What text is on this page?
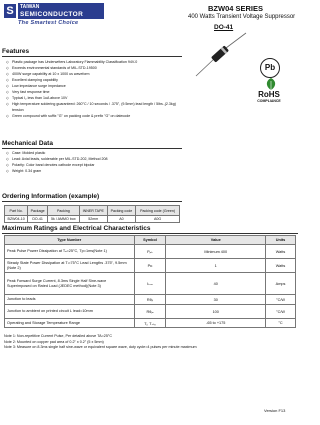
S	TAIWAN
SEMICONDUCTOR
The Smartest Choice
BZW04 SERIES
400 Watts Transient Voltage Suppressor
DO-41
Pb
RoHS
COMPLIANCE
Features
◇ Plastic package has Underwriters Laboratory Flammability Classification 94V-0
◇ Exceeds environmental standards of MIL-STD-19500
◇ 400W surge capability at 10 x 1000 us waveform
◇ Excellent clamping capability
◇ Low impedance surge impedance
◇ Very fast response time
◇ Typical I₂ less than 1uA above 10V
◇ High temperature soldering guaranteed: 260°C / 10 seconds / .375", (9.5mm) lead length / 5lbs.,(2.3kg) tension
◇ Green compound with suffix "G" on packing code & prefix "G" on datecode
Mechanical Data
◇ Case: Molded plastic
◇ Lead: Axial leads, solderable per MIL-STD-202, Method 208
◇ Polarity: Color band denotes cathode except bipolar
◇ Weight: 0.34 gram
Ordering Information (example)
Part No.	Package	Packing	INNER TAPE	Packing code	Packing code (Green)
BZW04-10	DO-41	5k / AMMO box	52mm	A0	A0G
Maximum Ratings and Electrical Characteristics
Type Number	Symbol	Value	Units
Peak Pulse Power Dissipation at Tₐ=25°C, Tp=1ms(Note 1)	Pₚₖ	Minimum 400	Watts
Steady State Power Dissipation at Tₗ=75°C Lead Lengths .375", 9.5mm (Note 2)	Pᴅ	1	Watts
Peak Forward Surge Current, 8.3ms Single Half Sine-wave Superimposed on Rated Load (JEDEC method)(Note 3)	Iₜₛₘ	40	Amps
Junction to leads	Rθⱼₗ	30	°C/W
Junction to ambient on printed circuit L lead=10mm	Rθⱼₐ	100	°C/W
Operating and Storage Temperature Range	Tⱼ, Tₛₜ₉	-65 to +175	°C
Note 1: Non-repetitive Current Pulse, Per detailed above TA=25°C
Note 2: Mounted on copper pad area of 0.2" x 0.2" (5 x 5mm)
Note 3: Measure on 8.3ms single half sine-wave or equivalent square wave, duty cycle=4 pulses per minute maximum
Version F13
